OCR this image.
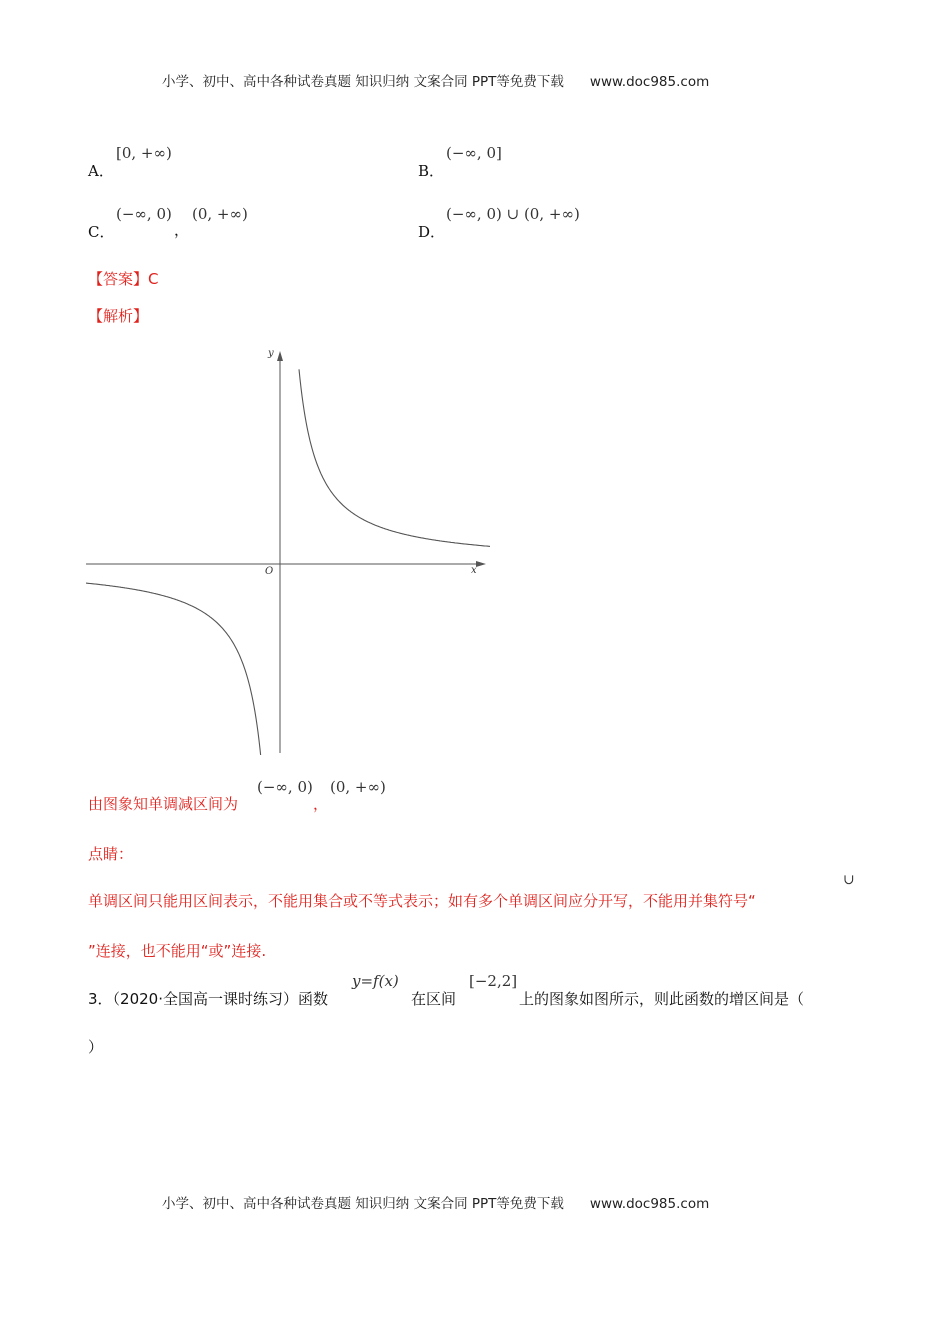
小学、初中、高中各种试卷真题 知识归纳 文案合同 PPT等免费下载 www.doc985.com
A．
[0, +∞)
B．
(−∞, 0]
C．
(−∞, 0)
，
(0, +∞)
D．
(−∞, 0) ∪ (0, +∞)
【答案】C
【解析】
y
x
O
由图象知单调减区间为
(−∞, 0)
，
(0, +∞)
点睛：
单调区间只能用区间表示，不能用集合或不等式表示；如有多个单调区间应分开写，不能用并集符号“
∪
”连接，也不能用“或”连接.
3．（2020·全国高一课时练习）函数
y=f(x)
在区间
[−2,2]
上的图象如图所示，则此函数的增区间是（
）
小学、初中、高中各种试卷真题 知识归纳 文案合同 PPT等免费下载 www.doc985.com
